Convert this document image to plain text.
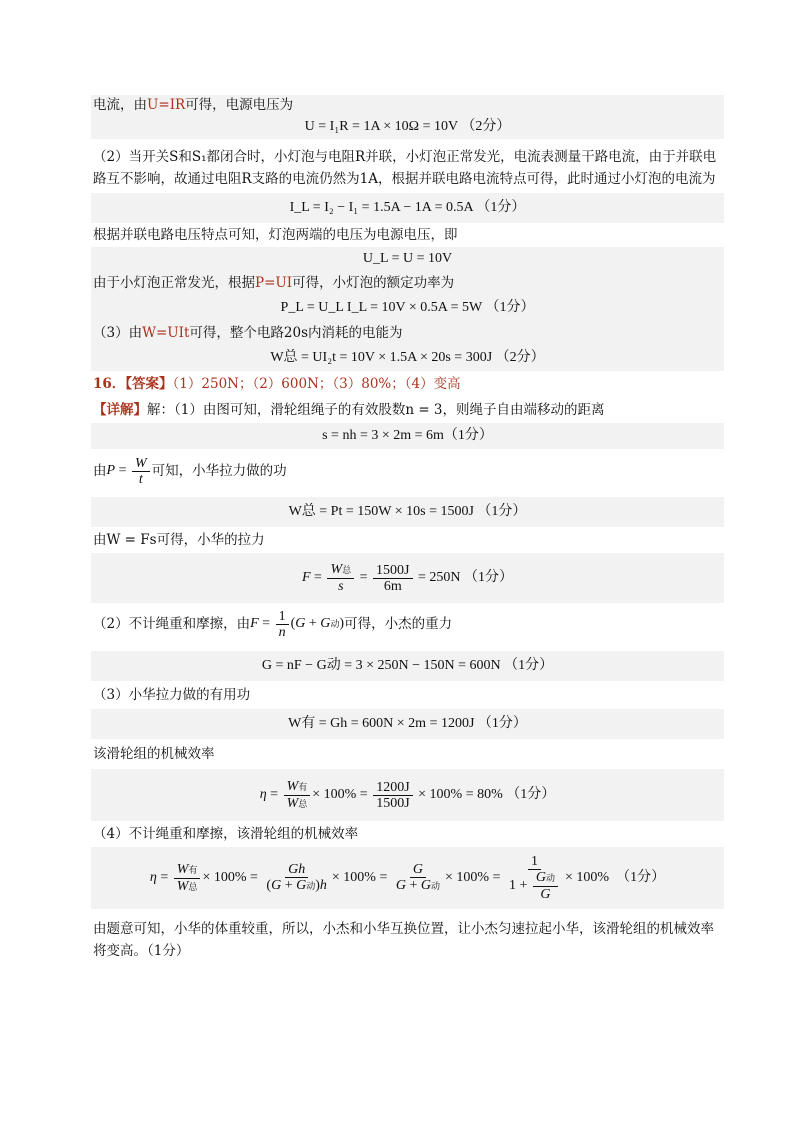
电流，由U=IR可得，电源电压为
U = I₁R = 1A × 10Ω = 10V （2分）
（2）当开关S和S₁都闭合时，小灯泡与电阻R并联，小灯泡正常发光，电流表测量干路电流，由于并联电路互不影响，故通过电阻R支路的电流仍然为1A，根据并联电路电流特点可得，此时通过小灯泡的电流为
I_L = I₂ − I₁ = 1.5A − 1A = 0.5A （1分）
根据并联电路电压特点可知，灯泡两端的电压为电源电压，即
U_L = U = 10V
由于小灯泡正常发光，根据P=UI可得，小灯泡的额定功率为
P_L = U_L I_L = 10V × 0.5A = 5W （1分）
（3）由W=UIt可得，整个电路20s内消耗的电能为
W总 = UI₂t = 10V × 1.5A × 20s = 300J （2分）
16．【答案】（1）250N；（2）600N；（3）80%；（4）变高
【详解】解：（1）由图可知，滑轮组绳子的有效股数n = 3，则绳子自由端移动的距离
s = nh = 3 × 2m = 6m（1分）
由 $P = \frac{W}{t}$ 可知，小华拉力做的功
W总 = Pt = 150W × 10s = 1500J （1分）
由W = Fs可得，小华的拉力
$F = \frac{\text{W总}}{s} = \frac{1500J}{6m}$
= 250N （1分）
（2）不计绳重和摩擦，由 $F = \frac{1}{n}$ ( G + G 动 ) 可得，小杰的重力
G = nF − G动 = 3 × 250N − 150N = 600N （1分）
（3）小华拉力做的有用功
W有 = Gh = 600N × 2m = 1200J （1分）
该滑轮组的机械效率
$\eta = \frac{\text{W有}}{\text{W总}} \times 100\% = \frac{1200J}{1500J}$
× 100% = 80% （1分）
（4）不计绳重和摩擦，该滑轮组的机械效率
$\eta = \frac{\text{W有}}{\text{W总}} \times 100\% = \frac{Gh}{\text{(G + G动)h}} \times 100\% = \frac{G}{\text{G + G动}} \times 100\% = \frac{1}{1 + \frac{\text{G动}}{G}} \times 100\%$ （1分）
由题意可知，小华的体重较重，所以，小杰和小华互换位置，让小杰匀速拉起小华，该滑轮组的机械效率将变高。（1分）
